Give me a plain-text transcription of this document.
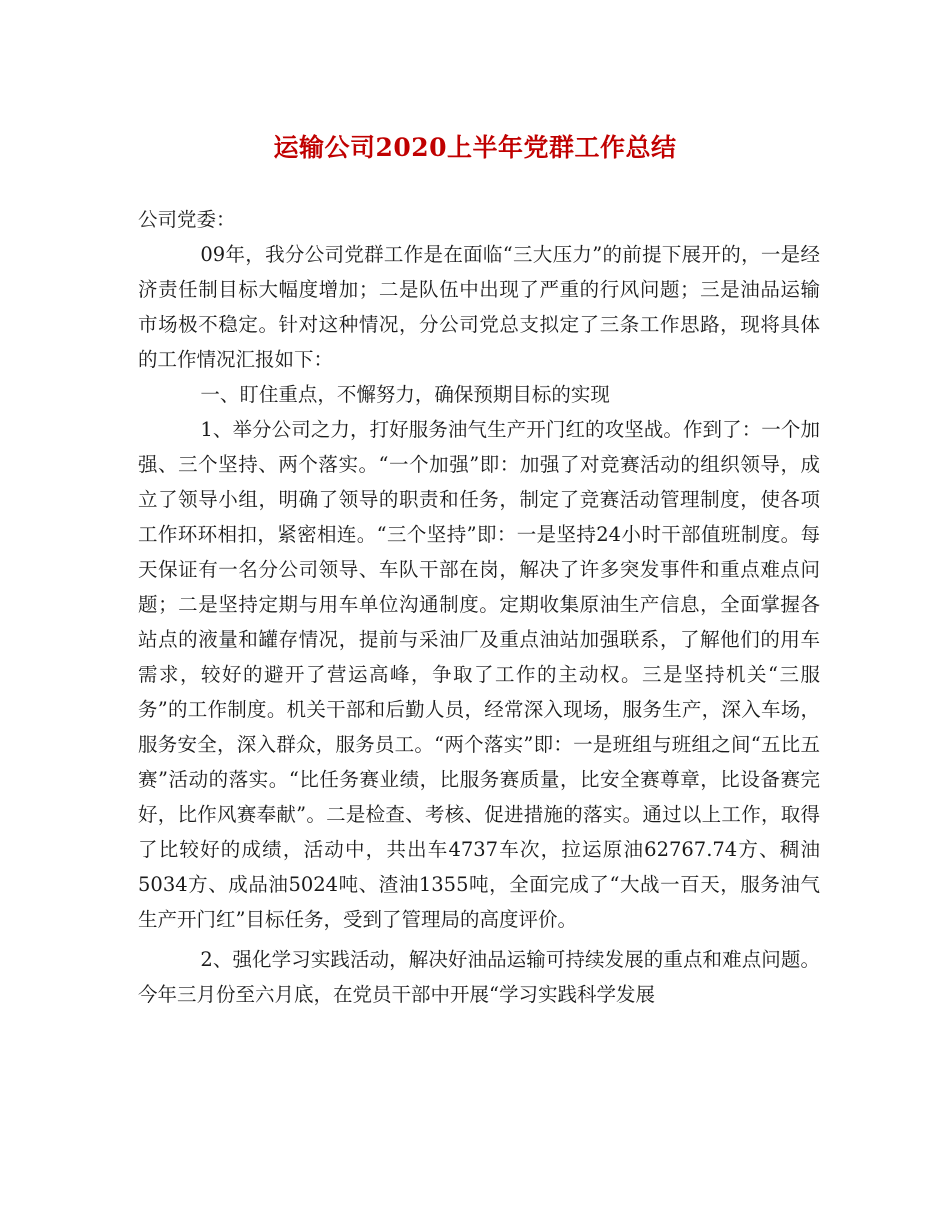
运输公司2020上半年党群工作总结

公司党委：

09年，我分公司党群工作是在面临“三大压力”的前提下展开的，一是经济责任制目标大幅度增加；二是队伍中出现了严重的行风问题；三是油品运输市场极不稳定。针对这种情况，分公司党总支拟定了三条工作思路，现将具体的工作情况汇报如下：

一、盯住重点，不懈努力，确保预期目标的实现

1、举分公司之力，打好服务油气生产开门红的攻坚战。作到了：一个加强、三个坚持、两个落实。“一个加强”即：加强了对竞赛活动的组织领导，成立了领导小组，明确了领导的职责和任务，制定了竞赛活动管理制度，使各项工作环环相扣，紧密相连。“三个坚持”即：一是坚持24小时干部值班制度。每天保证有一名分公司领导、车队干部在岗，解决了许多突发事件和重点难点问题；二是坚持定期与用车单位沟通制度。定期收集原油生产信息，全面掌握各站点的液量和罐存情况，提前与采油厂及重点油站加强联系，了解他们的用车需求，较好的避开了营运高峰，争取了工作的主动权。三是坚持机关“三服务”的工作制度。机关干部和后勤人员，经常深入现场，服务生产，深入车场，服务安全，深入群众，服务员工。“两个落实”即：一是班组与班组之间“五比五赛”活动的落实。“比任务赛业绩，比服务赛质量，比安全赛尊章，比设备赛完好，比作风赛奉献”。二是检查、考核、促进措施的落实。通过以上工作，取得了比较好的成绩，活动中，共出车4737车次，拉运原油62767.74方、稠油5034方、成品油5024吨、渣油1355吨，全面完成了“大战一百天，服务油气生产开门红”目标任务，受到了管理局的高度评价。

2、强化学习实践活动，解决好油品运输可持续发展的重点和难点问题。今年三月份至六月底，在党员干部中开展“学习实践科学发展
